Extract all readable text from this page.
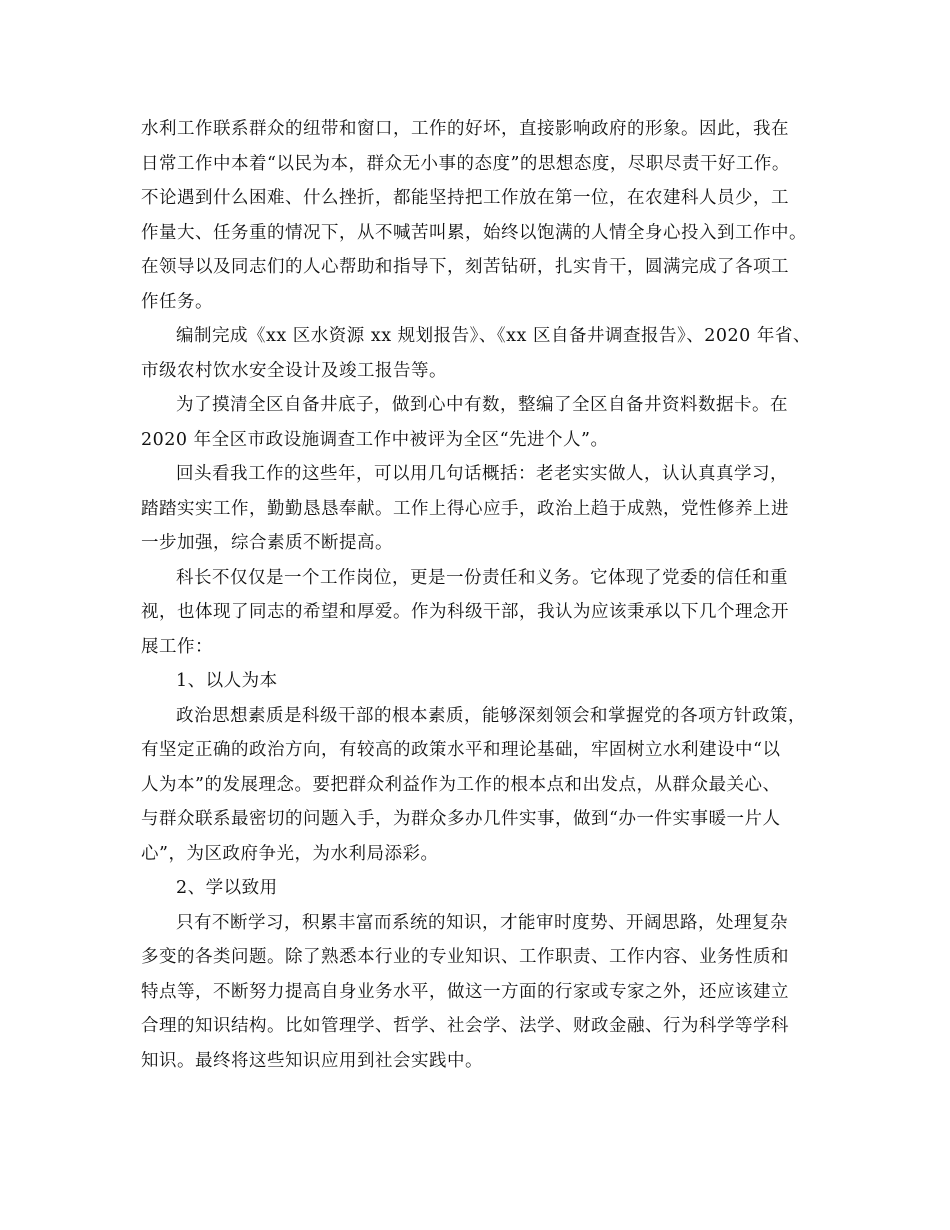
水利工作联系群众的纽带和窗口，工作的好坏，直接影响政府的形象。因此，我在
日常工作中本着“以民为本，群众无小事的态度”的思想态度，尽职尽责干好工作。
不论遇到什么困难、什么挫折，都能坚持把工作放在第一位，在农建科人员少，工
作量大、任务重的情况下，从不喊苦叫累，始终以饱满的人情全身心投入到工作中。
在领导以及同志们的人心帮助和指导下，刻苦钻研，扎实肯干，圆满完成了各项工
作任务。
编制完成《xx 区水资源 xx 规划报告》、《xx 区自备井调查报告》、2020 年省、
市级农村饮水安全设计及竣工报告等。
为了摸清全区自备井底子，做到心中有数，整编了全区自备井资料数据卡。在
2020 年全区市政设施调查工作中被评为全区“先进个人”。
回头看我工作的这些年，可以用几句话概括：老老实实做人，认认真真学习，
踏踏实实工作，勤勤恳恳奉献。工作上得心应手，政治上趋于成熟，党性修养上进
一步加强，综合素质不断提高。
科长不仅仅是一个工作岗位，更是一份责任和义务。它体现了党委的信任和重
视，也体现了同志的希望和厚爱。作为科级干部，我认为应该秉承以下几个理念开
展工作：
1、以人为本
政治思想素质是科级干部的根本素质，能够深刻领会和掌握党的各项方针政策，
有坚定正确的政治方向，有较高的政策水平和理论基础，牢固树立水利建设中“以
人为本”的发展理念。要把群众利益作为工作的根本点和出发点，从群众最关心、
与群众联系最密切的问题入手，为群众多办几件实事，做到“办一件实事暖一片人
心”，为区政府争光，为水利局添彩。
2、学以致用
只有不断学习，积累丰富而系统的知识，才能审时度势、开阔思路，处理复杂
多变的各类问题。除了熟悉本行业的专业知识、工作职责、工作内容、业务性质和
特点等，不断努力提高自身业务水平，做这一方面的行家或专家之外，还应该建立
合理的知识结构。比如管理学、哲学、社会学、法学、财政金融、行为科学等学科
知识。最终将这些知识应用到社会实践中。
